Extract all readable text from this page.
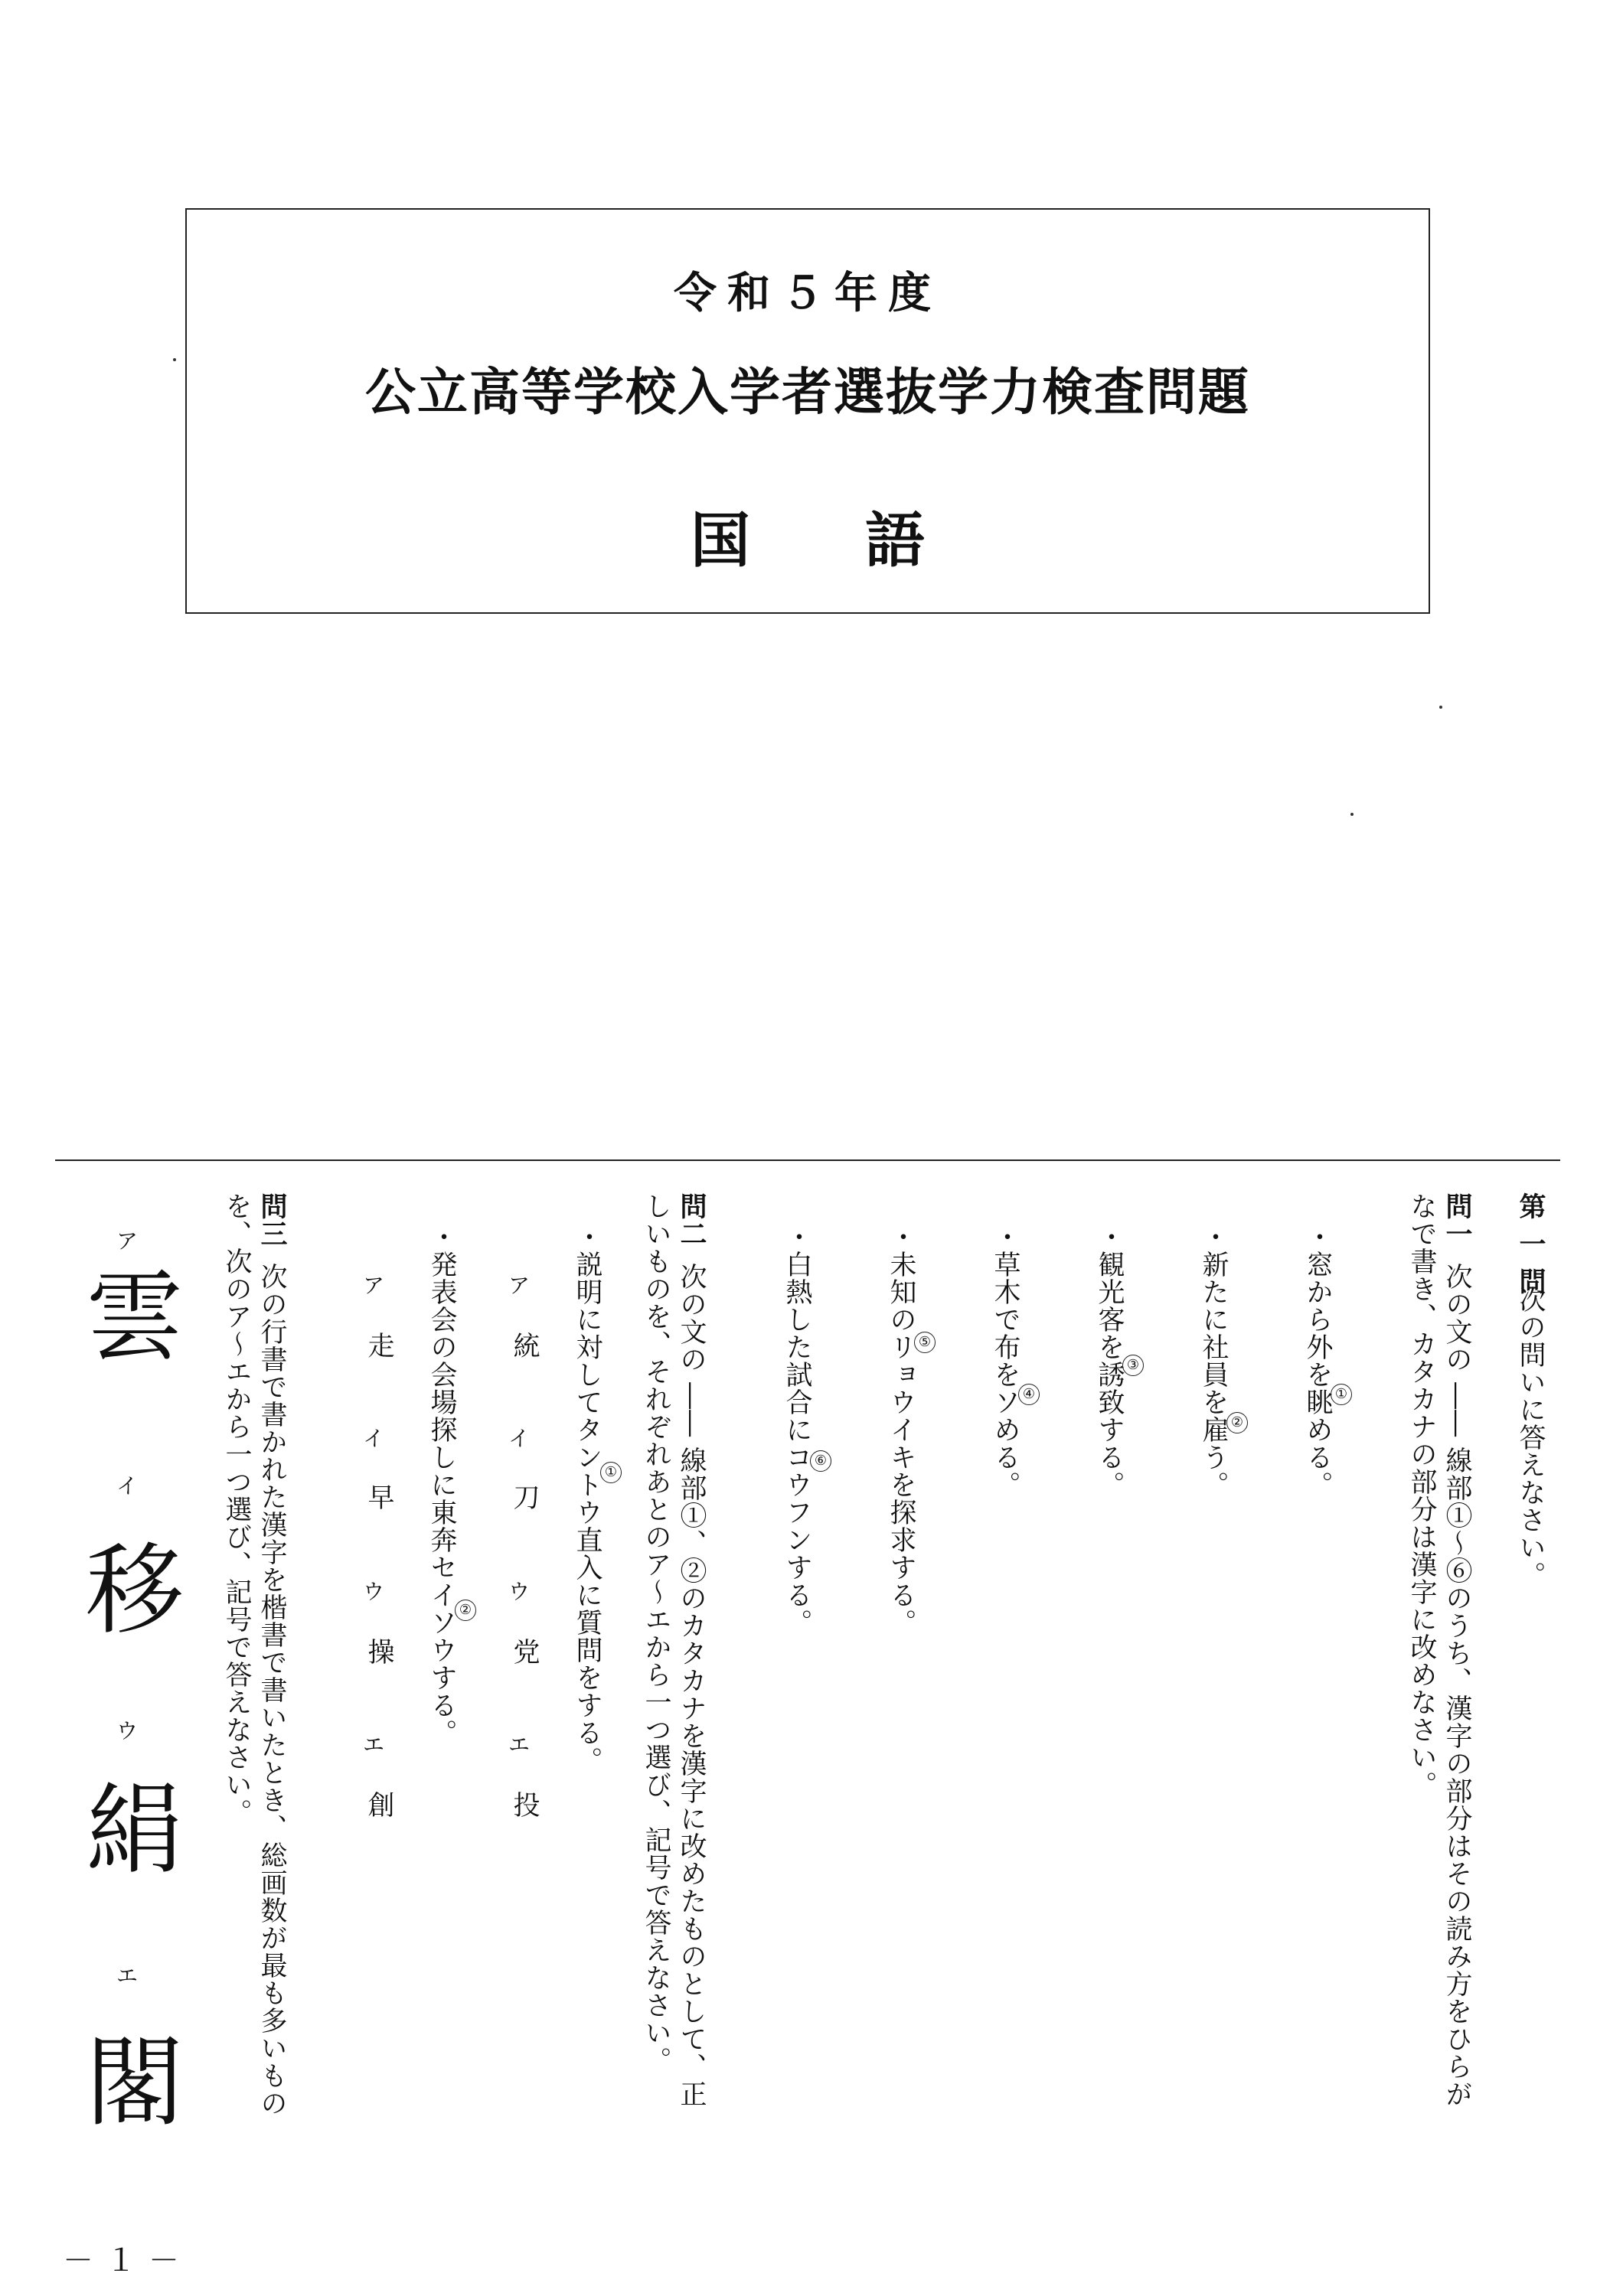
令和５年度
公立高等学校入学者選抜学力検査問題
国語
第 一 問
次の問いに答えなさい。
問一
次の文の ―― 線部①～⑥のうち、漢字の部分はその読み方をひらが
なで書き、カタカナの部分は漢字に改めなさい。
・窓から外を眺める。 ①
・新たに社員を雇う。 ②
・観光客を誘致する。 ③
・草木で布をソめる。 ④
・未知のリョウイキを探求する。 ⑤
・白熱した試合にコウフンする。 ⑥
問二
次の文の ―― 線部①、②のカタカナを漢字に改めたものとして、正
しいものを、それぞれあとのア～エから一つ選び、記号で答えなさい。
・説明に対してタントウ直入に質問をする。 ①
ア
統
イ
刀
ウ
党
エ
投
・発表会の会場探しに東奔セイソウする。 ②
ア
走
イ
早
ウ
操
エ
創
問三
次の行書で書かれた漢字を楷書で書いたとき、総画数が最も多いもの
を、次のア～エから一つ選び、記号で答えなさい。
ア
雲
イ
移
ウ
絹
エ
閣
－１－
